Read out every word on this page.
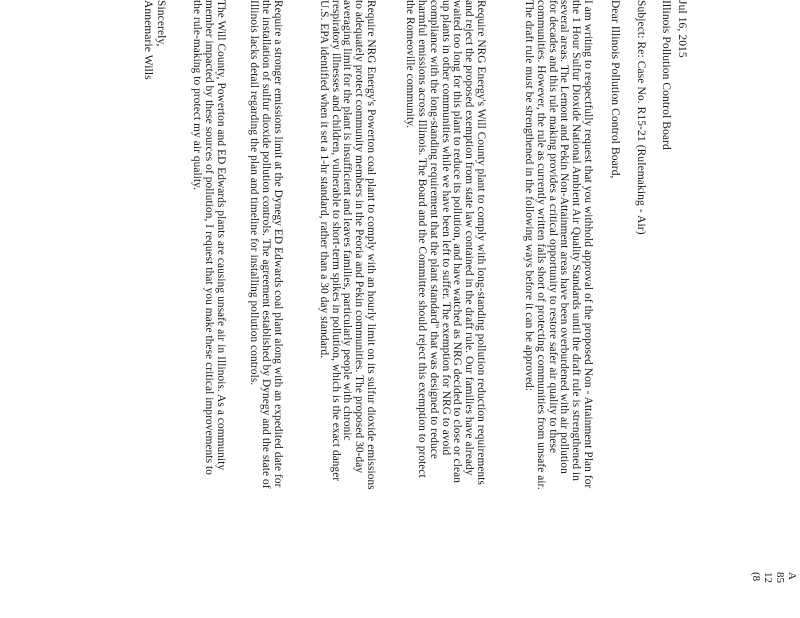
Jul 16, 2015
Illinois Pollution Control Board
Subject: Re: Case No. R15-21 (Rulemaking - Air)
Dear Illinois Pollution Control Board,

I am writing to respectfully request that you withhold approval of the proposed Non - Attainment Plan for the 1 Hour Sulfur Dioxide National Ambient Air Quality Standards until the draft rule is strengthened in several areas. The Lemont and Pekin Non-Attainment areas have been overburdened with air pollution for decades and this rule making provides a critical opportunity to restore safer air quality to these communities. However, the rule as currently written falls short of protecting communities from unsafe air. The draft rule must be strengthened in the following ways before it can be approved:

Require NRG Energy's Will County plant to comply with long-standing pollution reduction requirements and reject the proposed exemption from state law contained in the draft rule. Our families have already waited too long for this plant to reduce its pollution, and have watched as NRG decided to close or clean up plants in other communities while we have been left to suffer. The exemption for NRG to avoid compliance with the long-standing requirement that the plant standard" that was designed to reduce harmful emissions across Illinois. The Board and the Committee should reject this exemption to protect the Romeoville community.

Require NRG Energy's Powerton coal plant to comply with an hourly limit on its sulfur dioxide emissions to adequately protect community members in the Peoria and Pekin communities. The proposed 30-day averaging limit for the plant is insufficient and leaves families, particularly people with chronic respiratory illnesses and children, vulnerable to short-term spikes in pollution, which is the exact danger U.S. EPA identified when it set a 1-hr standard, rather than a 30 day standard.

Require a stronger emissions limit at the Dynegy ED Edwards coal plant along with an expedited date for the installation of sulfur dioxide pollution controls. The agreement established by Dynegy and the state of Illinois lacks detail regarding the plan and timeline for installing pollution controls.

The Will County, Powerton and ED Edwards plants are causing unsafe air in Illinois. As a community member impacted by these sources of pollution, I request that you make these critical improvements to the rule-making to protect my air quality.

Sincerely,
Annemarie Wills
A
85
12
(8
